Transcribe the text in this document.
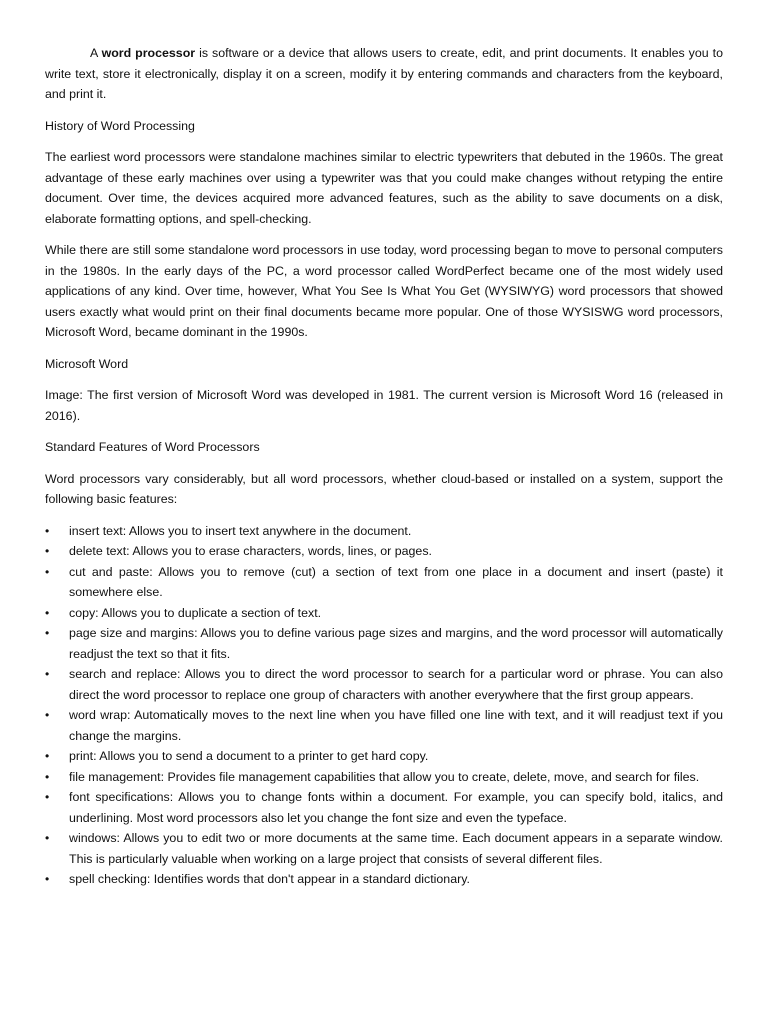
A word processor is software or a device that allows users to create, edit, and print documents. It enables you to write text, store it electronically, display it on a screen, modify it by entering commands and characters from the keyboard, and print it.

History of Word Processing

The earliest word processors were standalone machines similar to electric typewriters that debuted in the 1960s. The great advantage of these early machines over using a typewriter was that you could make changes without retyping the entire document. Over time, the devices acquired more advanced features, such as the ability to save documents on a disk, elaborate formatting options, and spell-checking.

While there are still some standalone word processors in use today, word processing began to move to personal computers in the 1980s. In the early days of the PC, a word processor called WordPerfect became one of the most widely used applications of any kind. Over time, however, What You See Is What You Get (WYSIWYG) word processors that showed users exactly what would print on their final documents became more popular. One of those WYSISWG word processors, Microsoft Word, became dominant in the 1990s.

Microsoft Word

Image: The first version of Microsoft Word was developed in 1981. The current version is Microsoft Word 16 (released in 2016).

Standard Features of Word Processors

Word processors vary considerably, but all word processors, whether cloud-based or installed on a system, support the following basic features:

•	insert text: Allows you to insert text anywhere in the document.
•	delete text: Allows you to erase characters, words, lines, or pages.
•	cut and paste: Allows you to remove (cut) a section of text from one place in a document and insert (paste) it somewhere else.
•	copy: Allows you to duplicate a section of text.
•	page size and margins: Allows you to define various page sizes and margins, and the word processor will automatically readjust the text so that it fits.
•	search and replace: Allows you to direct the word processor to search for a particular word or phrase. You can also direct the word processor to replace one group of characters with another everywhere that the first group appears.
•	word wrap: Automatically moves to the next line when you have filled one line with text, and it will readjust text if you change the margins.
•	print: Allows you to send a document to a printer to get hard copy.
•	file management: Provides file management capabilities that allow you to create, delete, move, and search for files.
•	font specifications: Allows you to change fonts within a document. For example, you can specify bold, italics, and underlining. Most word processors also let you change the font size and even the typeface.
•	windows: Allows you to edit two or more documents at the same time. Each document appears in a separate window. This is particularly valuable when working on a large project that consists of several different files.
•	spell checking: Identifies words that don't appear in a standard dictionary.
